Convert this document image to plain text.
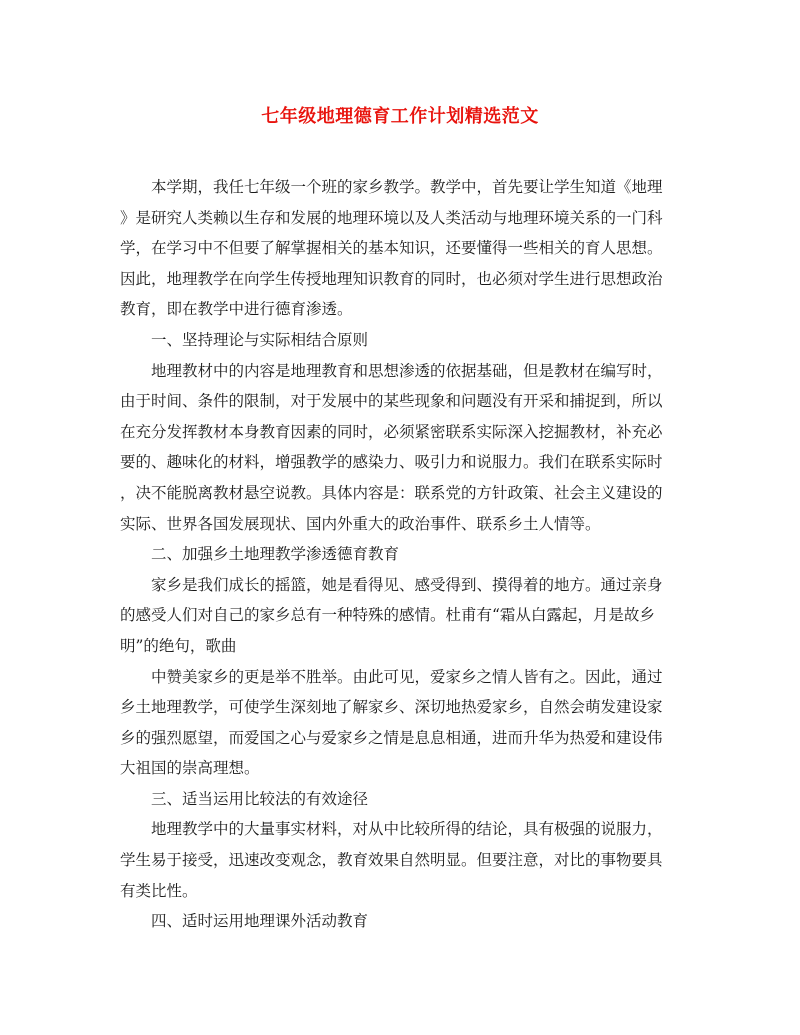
七年级地理德育工作计划精选范文
　　本学期，我任七年级一个班的家乡教学。教学中，首先要让学生知道《地理
》是研究人类赖以生存和发展的地理环境以及人类活动与地理环境关系的一门科
学，在学习中不但要了解掌握相关的基本知识，还要懂得一些相关的育人思想。
因此，地理教学在向学生传授地理知识教育的同时，也必须对学生进行思想政治
教育，即在教学中进行德育渗透。
　　一、坚持理论与实际相结合原则
　　地理教材中的内容是地理教育和思想渗透的依据基础，但是教材在编写时，
由于时间、条件的限制，对于发展中的某些现象和问题没有开采和捕捉到，所以
在充分发挥教材本身教育因素的同时，必须紧密联系实际深入挖掘教材，补充必
要的、趣味化的材料，增强教学的感染力、吸引力和说服力。我们在联系实际时
，决不能脱离教材悬空说教。具体内容是：联系党的方针政策、社会主义建设的
实际、世界各国发展现状、国内外重大的政治事件、联系乡土人情等。
　　二、加强乡土地理教学渗透德育教育
　　家乡是我们成长的摇篮，她是看得见、感受得到、摸得着的地方。通过亲身
的感受人们对自己的家乡总有一种特殊的感情。杜甫有“霜从白露起，月是故乡
明”的绝句，歌曲
　　中赞美家乡的更是举不胜举。由此可见，爱家乡之情人皆有之。因此，通过
乡土地理教学，可使学生深刻地了解家乡、深切地热爱家乡，自然会萌发建设家
乡的强烈愿望，而爱国之心与爱家乡之情是息息相通，进而升华为热爱和建设伟
大祖国的崇高理想。
　　三、适当运用比较法的有效途径
　　地理教学中的大量事实材料，对从中比较所得的结论，具有极强的说服力，
学生易于接受，迅速改变观念，教育效果自然明显。但要注意，对比的事物要具
有类比性。
　　四、适时运用地理课外活动教育
